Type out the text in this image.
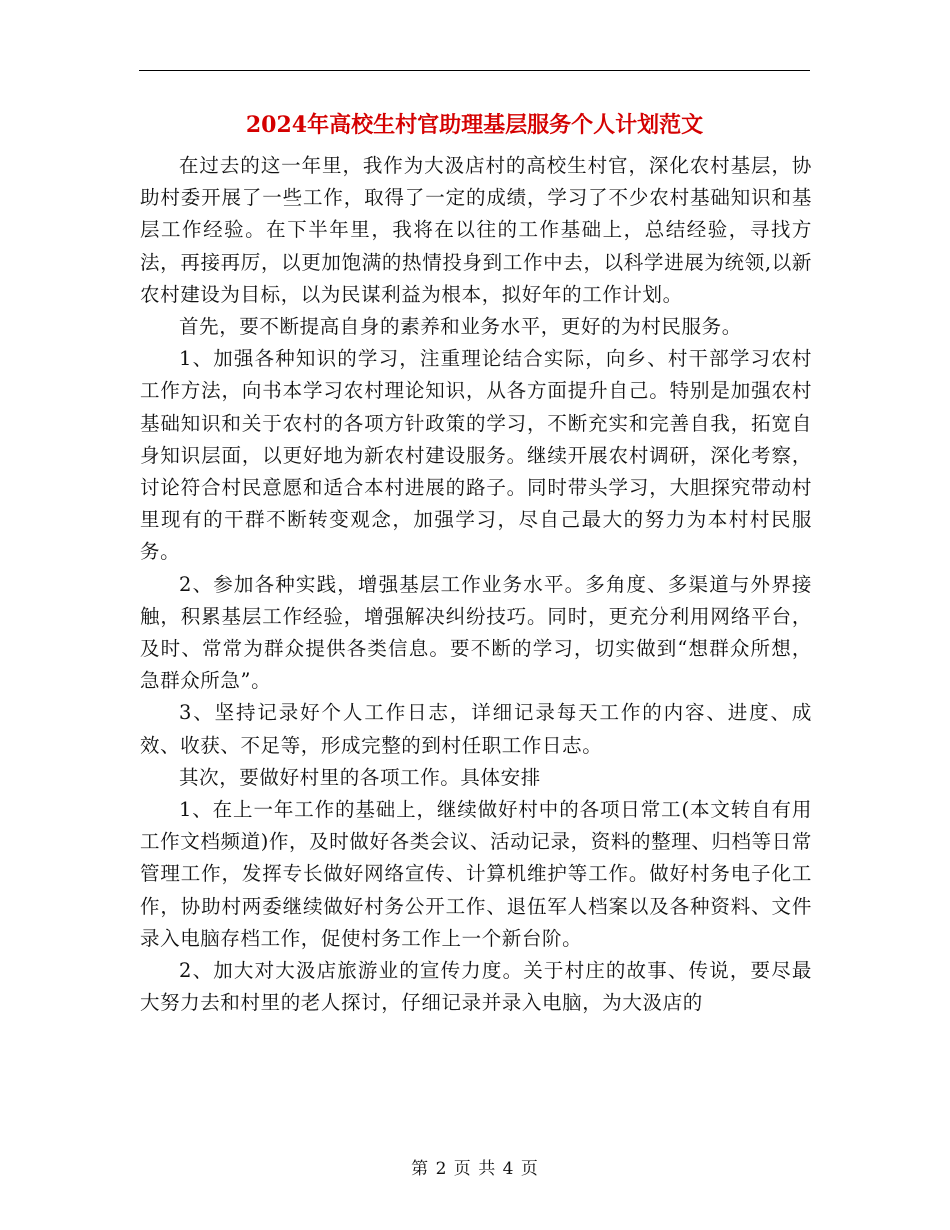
2024年高校生村官助理基层服务个人计划范文

在过去的这一年里，我作为大汲店村的高校生村官，深化农村基层，协助村委开展了一些工作，取得了一定的成绩，学习了不少农村基础知识和基层工作经验。在下半年里，我将在以往的工作基础上，总结经验，寻找方法，再接再厉，以更加饱满的热情投身到工作中去，以科学进展为统领,以新农村建设为目标，以为民谋利益为根本，拟好年的工作计划。

首先，要不断提高自身的素养和业务水平，更好的为村民服务。

1、加强各种知识的学习，注重理论结合实际，向乡、村干部学习农村工作方法，向书本学习农村理论知识，从各方面提升自己。特别是加强农村基础知识和关于农村的各项方针政策的学习，不断充实和完善自我，拓宽自身知识层面，以更好地为新农村建设服务。继续开展农村调研，深化考察，讨论符合村民意愿和适合本村进展的路子。同时带头学习，大胆探究带动村里现有的干群不断转变观念，加强学习，尽自己最大的努力为本村村民服务。

2、参加各种实践，增强基层工作业务水平。多角度、多渠道与外界接触，积累基层工作经验，增强解决纠纷技巧。同时，更充分利用网络平台，及时、常常为群众提供各类信息。要不断的学习，切实做到“想群众所想，急群众所急”。

3、坚持记录好个人工作日志，详细记录每天工作的内容、进度、成效、收获、不足等，形成完整的到村任职工作日志。

其次，要做好村里的各项工作。具体安排

1、在上一年工作的基础上，继续做好村中的各项日常工(本文转自有用工作文档频道)作，及时做好各类会议、活动记录，资料的整理、归档等日常管理工作，发挥专长做好网络宣传、计算机维护等工作。做好村务电子化工作，协助村两委继续做好村务公开工作、退伍军人档案以及各种资料、文件录入电脑存档工作，促使村务工作上一个新台阶。

2、加大对大汲店旅游业的宣传力度。关于村庄的故事、传说，要尽最大努力去和村里的老人探讨，仔细记录并录入电脑，为大汲店的

第 2 页 共 4 页
